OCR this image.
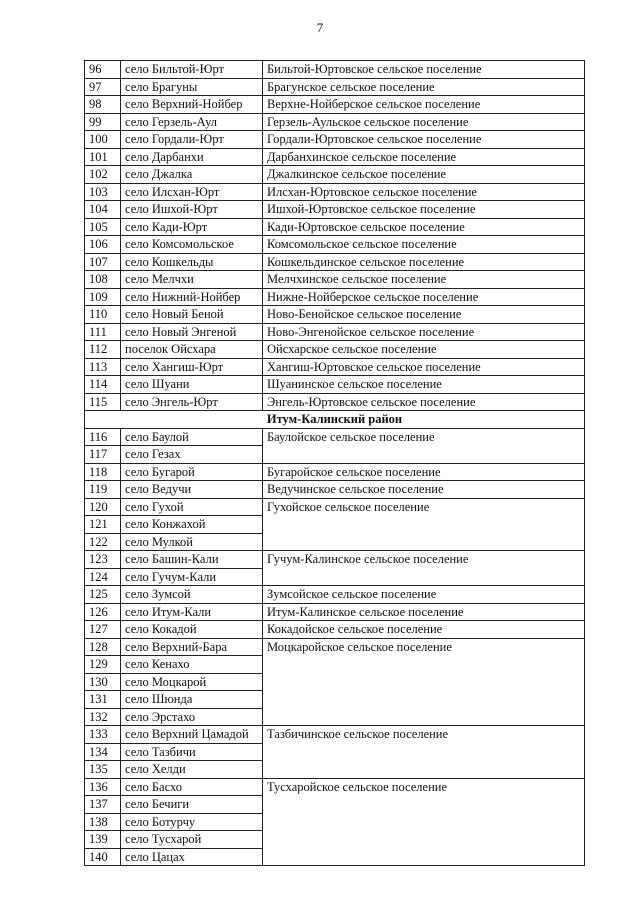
7
96	село Бильтой-Юрт	Бильтой-Юртовское сельское поселение
97	село Брагуны	Брагунское сельское поселение
98	село Верхний-Нойбер	Верхне-Нойберское сельское поселение
99	село Герзель-Аул	Герзель-Аульское сельское поселение
100	село Гордали-Юрт	Гордали-Юртовское сельское поселение
101	село Дарбанхи	Дарбанхинское сельское поселение
102	село Джалка	Джалкинское сельское поселение
103	село Илсхан-Юрт	Илсхан-Юртовское сельское поселение
104	село Ишхой-Юрт	Ишхой-Юртовское сельское поселение
105	село Кади-Юрт	Кади-Юртовское сельское поселение
106	село Комсомольское	Комсомольское сельское поселение
107	село Кошкельды	Кошкельдинское сельское поселение
108	село Мелчхи	Мелчхинское сельское поселение
109	село Нижний-Нойбер	Нижне-Нойберское сельское поселение
110	село Новый Беной	Ново-Бенойское сельское поселение
111	село Новый Энгеной	Ново-Энгенойское сельское поселение
112	поселок Ойсхара	Ойсхарское сельское поселение
113	село Хангиш-Юрт	Хангиш-Юртовское сельское поселение
114	село Шуани	Шуанинское сельское поселение
115	село Энгель-Юрт	Энгель-Юртовское сельское поселение
Итум-Калинский район		
116	село Баулой	Баулойское сельское поселение
117	село Гезах	
118	село Бугарой	Бугаройское сельское поселение
119	село Ведучи	Ведучинское сельское поселение
120	село Гухой	Гухойское сельское поселение
121	село Конжахой	
122	село Мулкой	
123	село Башин-Кали	Гучум-Калинское сельское поселение
124	село Гучум-Кали	
125	село Зумсой	Зумсойское сельское поселение
126	село Итум-Кали	Итум-Калинское сельское поселение
127	село Кокадой	Кокадойское сельское поселение
128	село Верхний-Бара	Моцкаройское сельское поселение
129	село Кенахо	
130	село Моцкарой	
131	село Шюнда	
132	село Эрстахо	
133	село Верхний Цамадой	Тазбичинское сельское поселение
134	село Тазбичи	
135	село Хелди	
136	село Басхо	Тусхаройское сельское поселение
137	село Бечиги	
138	село Ботурчу	
139	село Тусхарой	
140	село Цацах	
